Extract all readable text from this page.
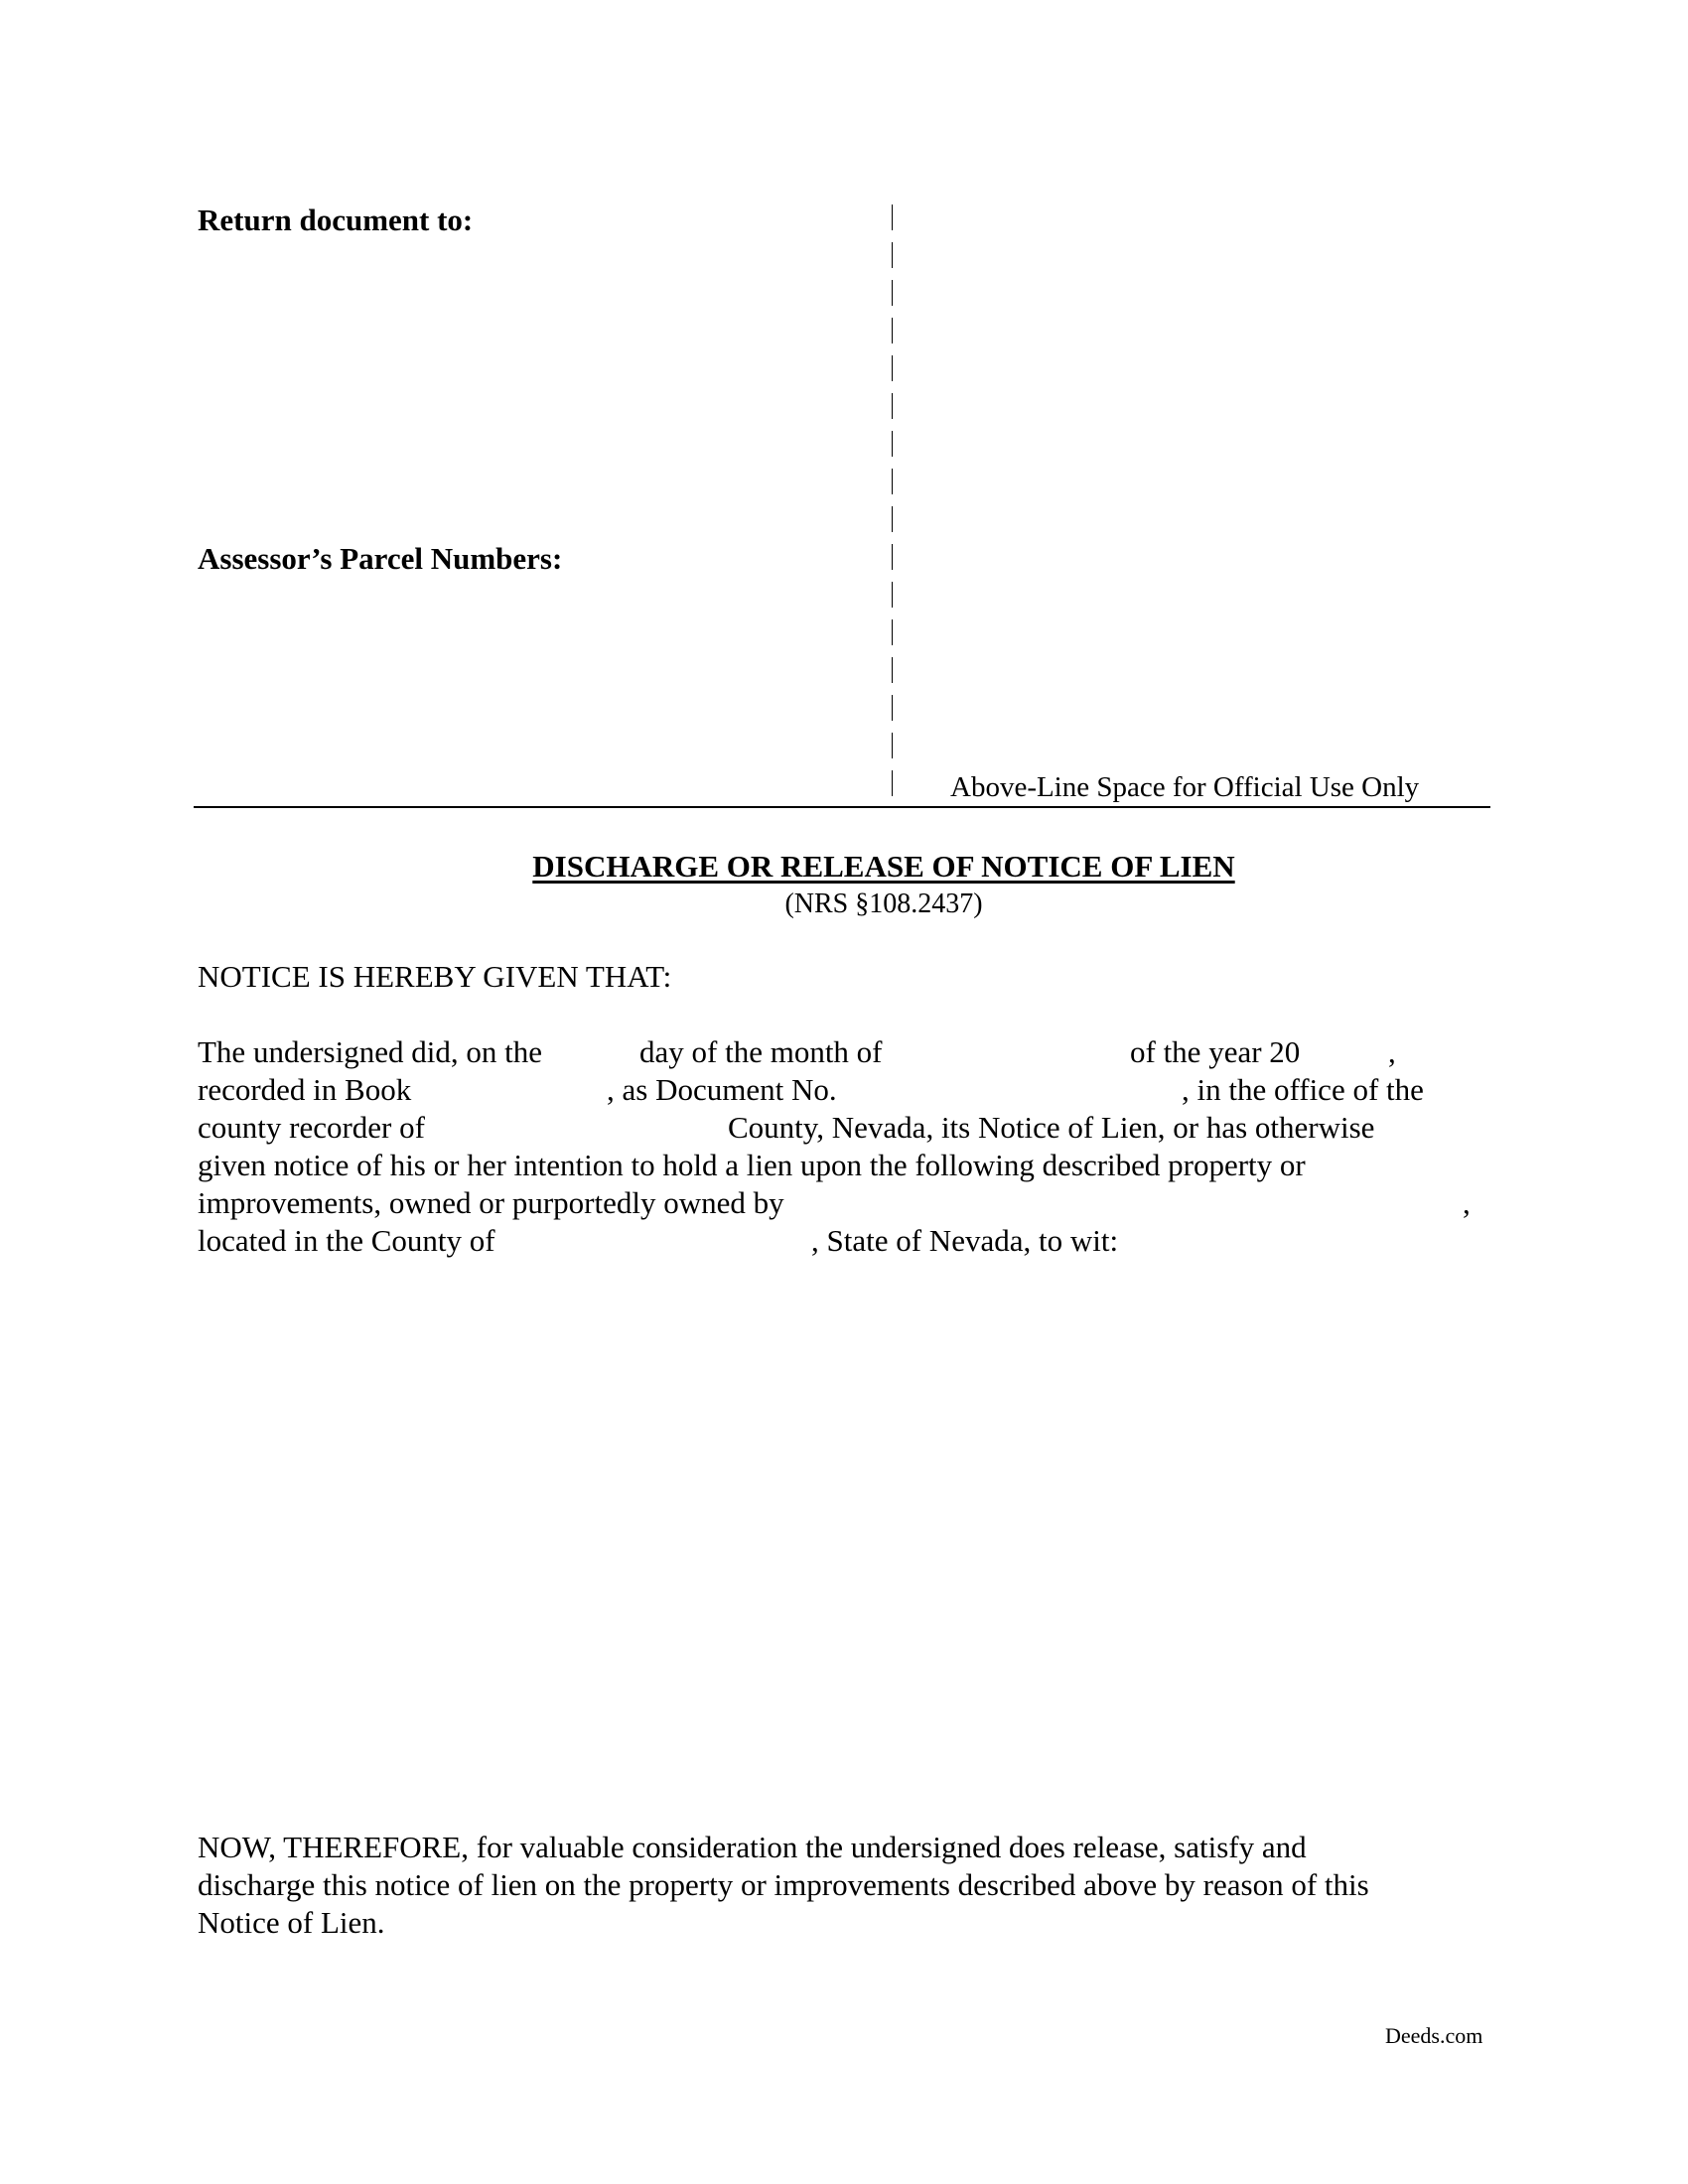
Return document to:
Assessor’s Parcel Numbers:
Above-Line Space for Official Use Only
DISCHARGE OR RELEASE OF NOTICE OF LIEN
(NRS §108.2437)
NOTICE IS HEREBY GIVEN THAT:
The undersigned did, on the	day of the month of	of the year 20	,
recorded in Book	, as Document No.	, in the office of the
county recorder of	County, Nevada, its Notice of Lien, or has otherwise
given notice of his or her intention to hold a lien upon the following described property or
improvements, owned or purportedly owned by	,
located in the County of	, State of Nevada, to wit:
NOW, THEREFORE, for valuable consideration the undersigned does release, satisfy and
discharge this notice of lien on the property or improvements described above by reason of this
Notice of Lien.
Deeds.com
